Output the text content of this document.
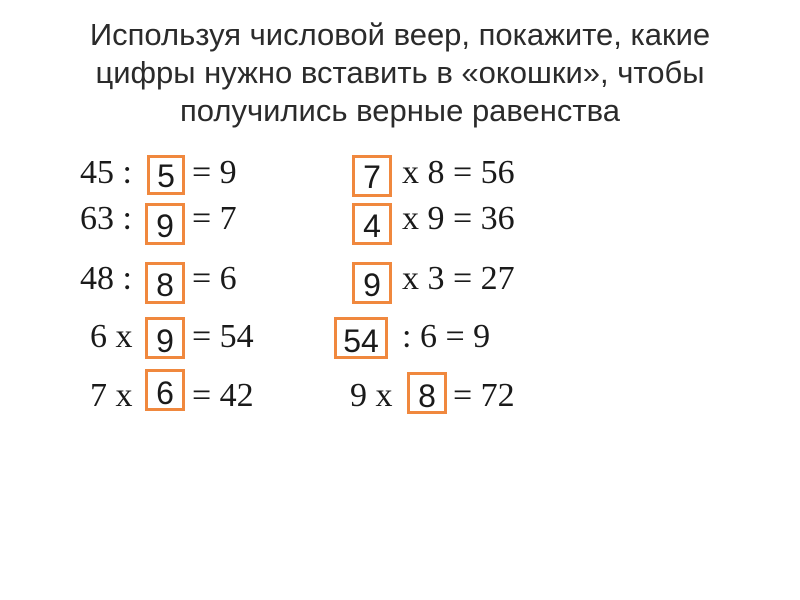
Используя числовой веер, покажите, какие
цифры нужно вставить в «окошки», чтобы
получились верные равенства
45 : 5 = 9
63 : 9 = 7
48 : 8 = 6
6 x 9 = 54
7 x 6 = 42
7 x 8 = 56
4 x 9 = 36
9 x 3 = 27
54 : 6 = 9
9 x 8 = 72
